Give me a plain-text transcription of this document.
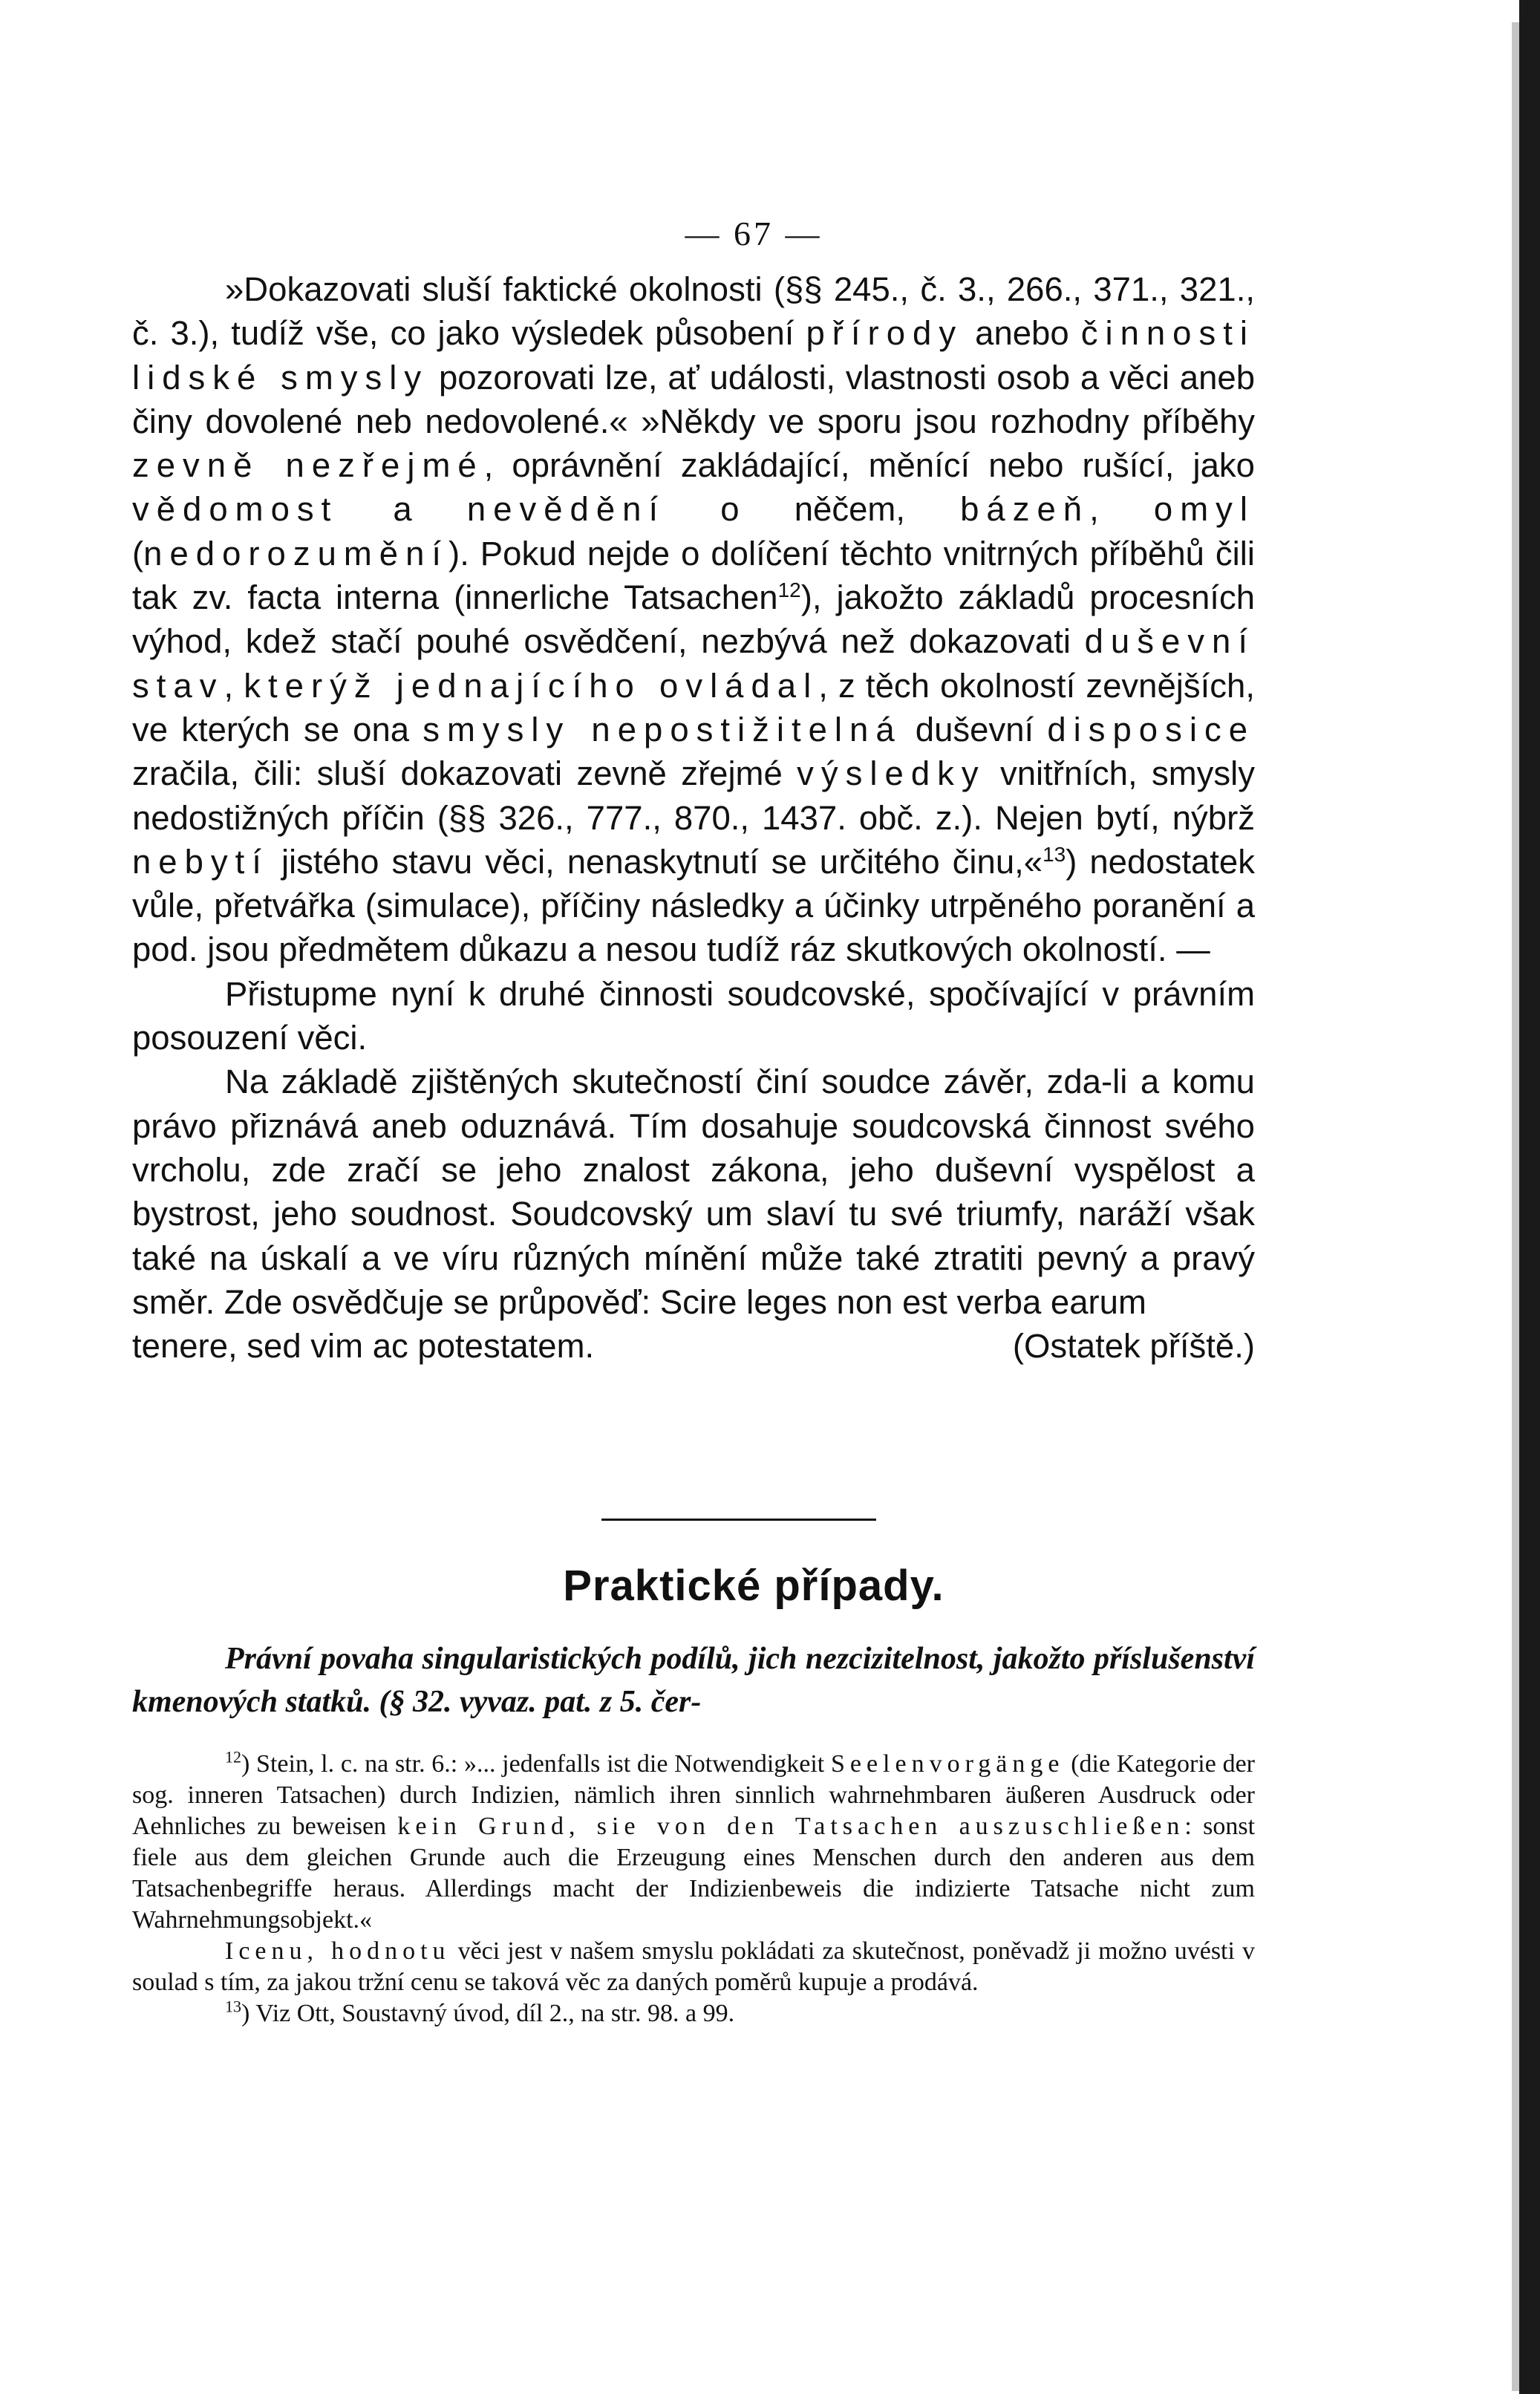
— 67 —

»Dokazovati sluší faktické okolnosti (§§ 245., č. 3., 266., 371., 321., č. 3.), tudíž vše, co jako výsledek působení přírody anebo činnosti lidské smysly pozorovati lze, ať události, vlastnosti osob a věci aneb činy dovolené neb nedovolené.« »Někdy ve sporu jsou rozhodny příběhy zevně nezřejmé, oprávnění zakládající, měnící nebo rušící, jako vědomost a nevědění o něčem, bázeň, omyl (nedorozumění). Pokud nejde o dolíčení těchto vnitrných příběhů čili tak zv. facta interna (innerliche Tatsachen$^{12}$), jakožto základů procesních výhod, kdež stačí pouhé osvědčení, nezbývá než dokazovati duševní stav, kterýž jednajícího ovládal, z těch okolností zevnějších, ve kterých se ona smysly nepostižitelná duševní disposice zračila, čili: sluší dokazovati zevně zřejmé výsledky vnitřních, smysly nedostižných příčin (§§ 326., 777., 870., 1437. obč. z.). Nejen bytí, nýbrž nebytí jistého stavu věci, nenaskytnutí se určitého činu,«$^{13}$) nedostatek vůle, přetvářka (simulace), příčiny následky a účinky utrpěného poranění a pod. jsou předmětem důkazu a nesou tudíž ráz skutkových okolností. —

Přistupme nyní k druhé činnosti soudcovské, spočívající v právním posouzení věci.

Na základě zjištěných skutečností činí soudce závěr, zda-li a komu právo přiznává aneb oduznává. Tím dosahuje soudcovská činnost svého vrcholu, zde zračí se jeho znalost zákona, jeho duševní vyspělost a bystrost, jeho soudnost. Soudcovský um slaví tu své triumfy, naráží však také na úskalí a ve víru různých mínění může také ztratiti pevný a pravý směr. Zde osvědčuje se průpověď: Scire leges non est verba earum

tenere, sed vim ac potestatem.	(Ostatek příště.)

Praktické případy.
Právní povaha singularistických podílů, jich nezcizitelnost, jakožto příslušenství kmenových statků. (§ 32. vyvaz. pat. z 5. čer-

$^{12}$) Stein, l. c. na str. 6.: »... jedenfalls ist die Notwendigkeit Seelenvorgänge (die Kategorie der sog. inneren Tatsachen) durch Indizien, nämlich ihren sinnlich wahrnehmbaren äußeren Ausdruck oder Aehnliches zu beweisen kein Grund, sie von den Tatsachen auszuschließen: sonst fiele aus dem gleichen Grunde auch die Erzeugung eines Menschen durch den anderen aus dem Tatsachenbegriffe heraus. Allerdings macht der Indizienbeweis die indizierte Tatsache nicht zum Wahrnehmungsobjekt.«

Icenu, hodnotu věci jest v našem smyslu pokládati za skutečnost, poněvadž ji možno uvésti v soulad s tím, za jakou tržní cenu se taková věc za daných poměrů kupuje a prodává.

$^{13}$) Viz Ott, Soustavný úvod, díl 2., na str. 98. a 99.
